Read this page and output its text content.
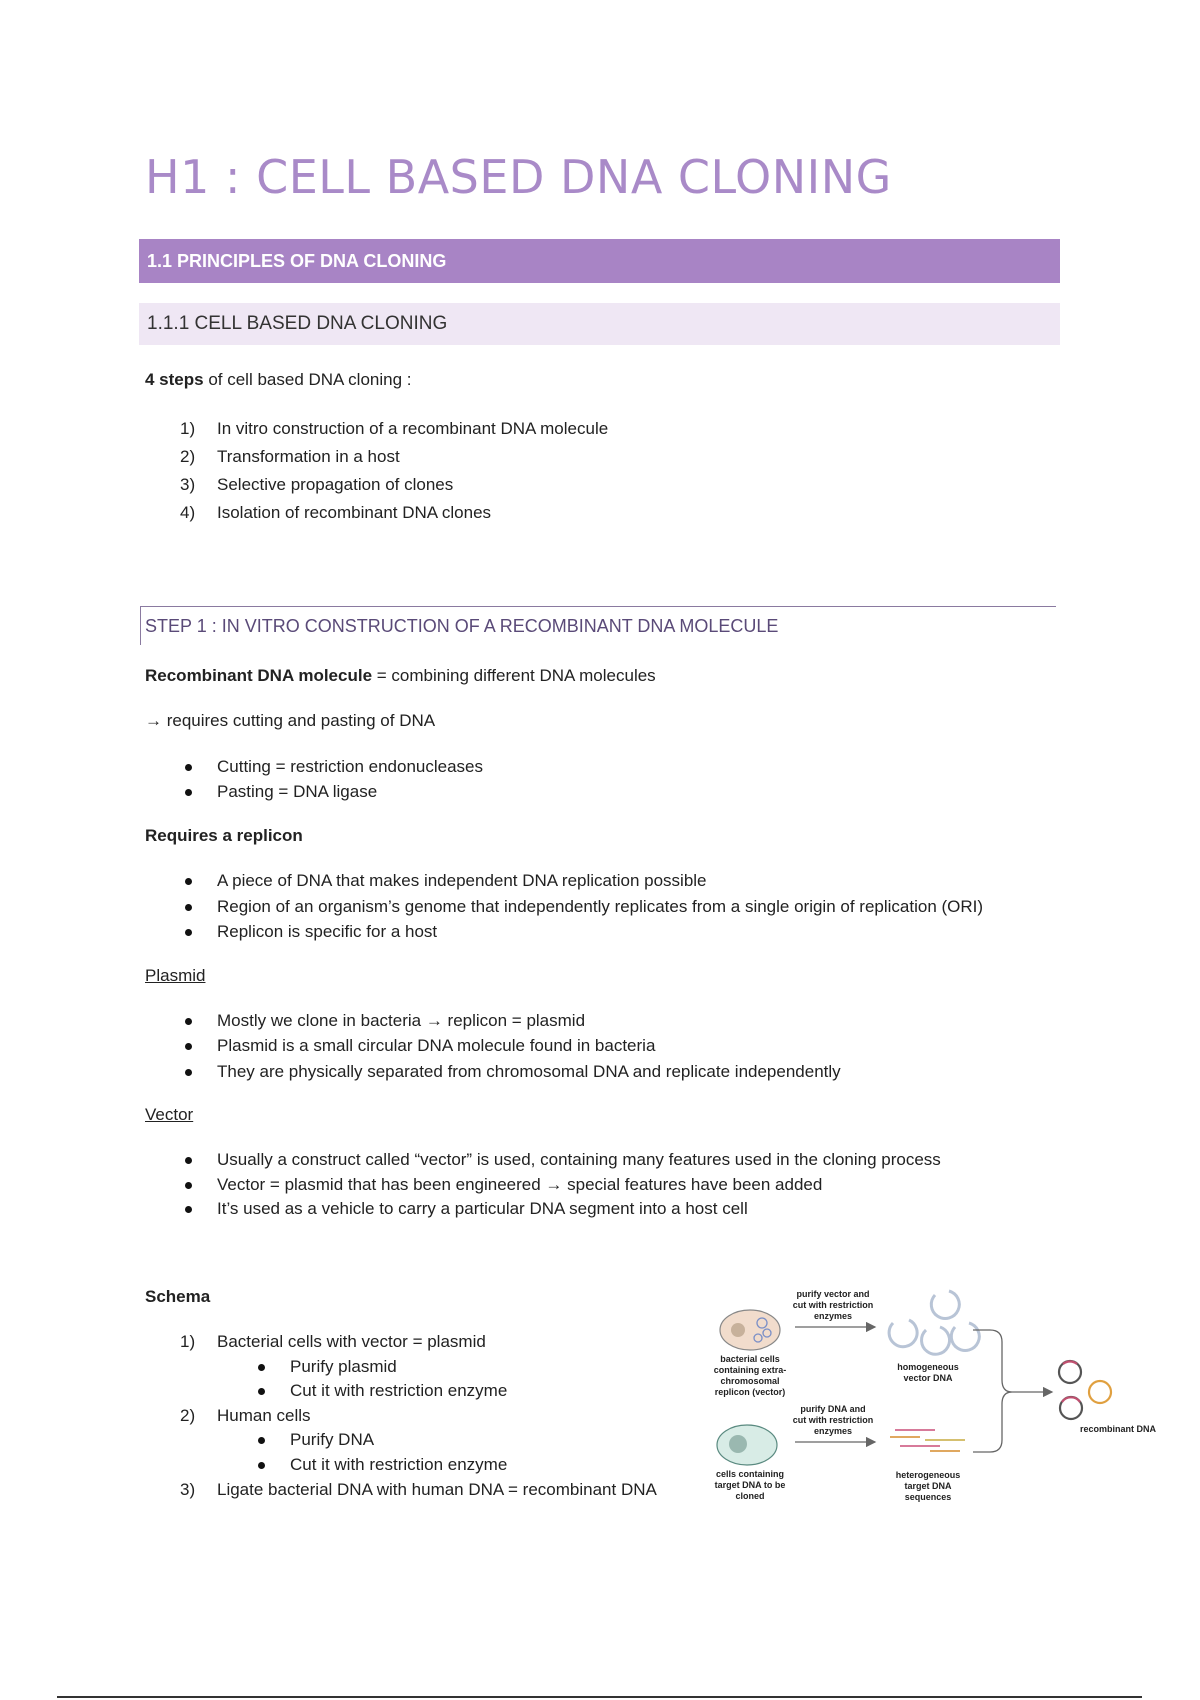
H1 : CELL BASED DNA CLONING
1.1 PRINCIPLES OF DNA CLONING
1.1.1 CELL BASED DNA CLONING
4 steps of cell based DNA cloning :
1) In vitro construction of a recombinant DNA molecule
2) Transformation in a host
3) Selective propagation of clones
4) Isolation of recombinant DNA clones
STEP 1 : IN VITRO CONSTRUCTION OF A RECOMBINANT DNA MOLECULE
Recombinant DNA molecule = combining different DNA molecules
→ requires cutting and pasting of DNA
Cutting = restriction endonucleases
Pasting = DNA ligase
Requires a replicon
A piece of DNA that makes independent DNA replication possible
Region of an organism’s genome that independently replicates from a single origin of replication (ORI)
Replicon is specific for a host
Plasmid
Mostly we clone in bacteria → replicon = plasmid
Plasmid is a small circular DNA molecule found in bacteria
They are physically separated from chromosomal DNA and replicate independently
Vector
Usually a construct called “vector” is used, containing many features used in the cloning process
Vector = plasmid that has been engineered → special features have been added
It’s used as a vehicle to carry a particular DNA segment into a host cell
Schema
1) Bacterial cells with vector = plasmid
Purify plasmid
Cut it with restriction enzyme
2) Human cells
Purify DNA
Cut it with restriction enzyme
3) Ligate bacterial DNA with human DNA = recombinant DNA
bacterial cells
containing extra-
chromosomal
replicon (vector)
purify vector and
cut with restriction
enzymes
homogeneous
vector DNA
cells containing
target DNA to be
cloned
purify DNA and
cut with restriction
enzymes
heterogeneous
target DNA
sequences
recombinant DNA
